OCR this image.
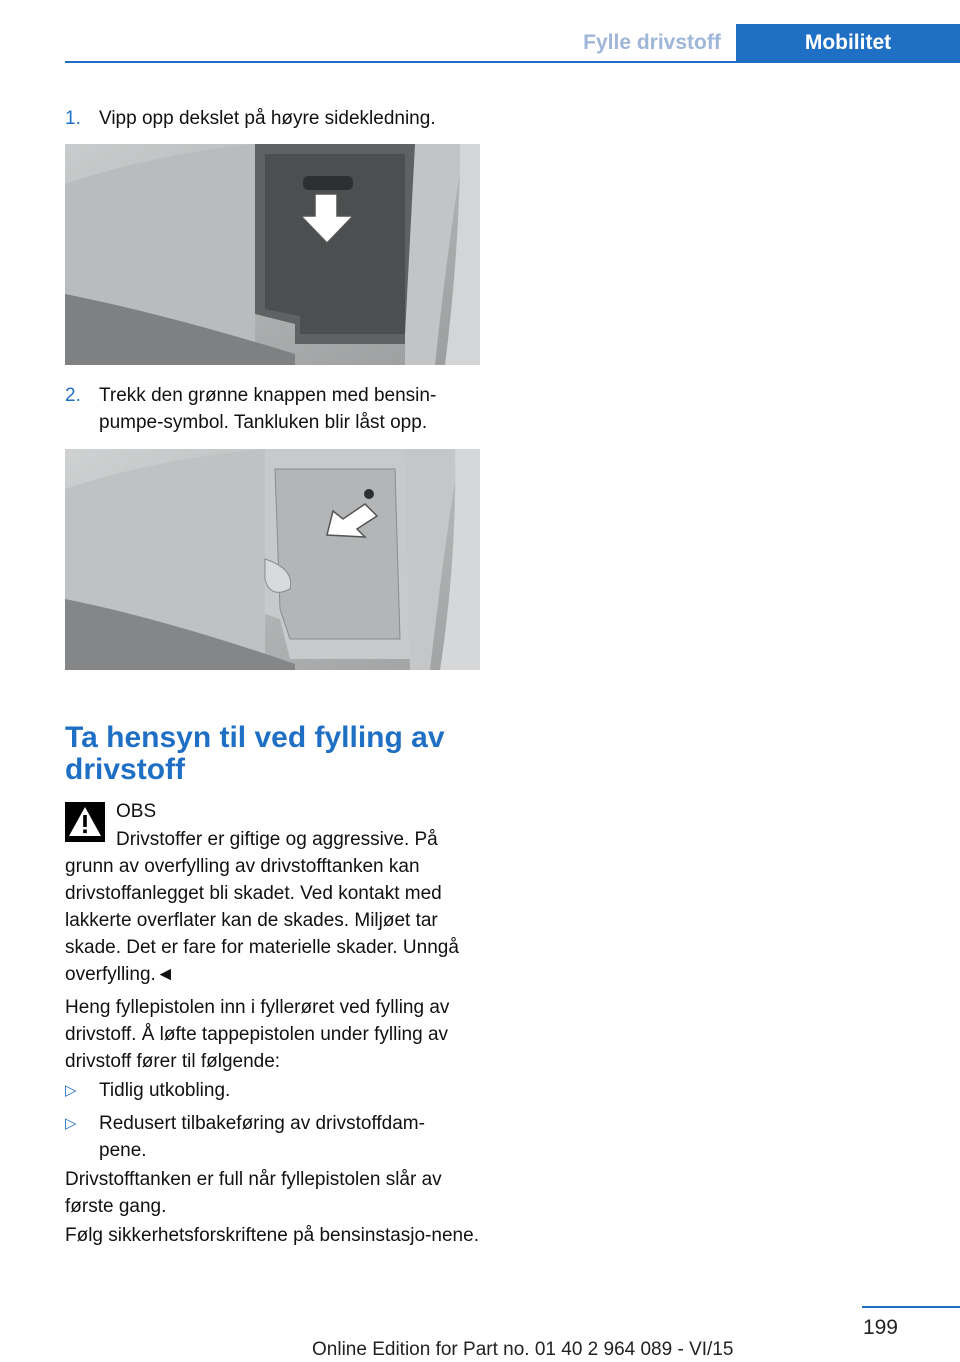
Fylle drivstoff	Mobilitet
1. Vipp opp dekslet på høyre sidekledning.
2. Trekk den grønne knappen med bensin-
pumpe-symbol. Tankluken blir låst opp.
Ta hensyn til ved fylling av drivstoff
OBS
Drivstoffer er giftige og aggressive. På grunn av overfylling av drivstofftanken kan drivstoffanlegget bli skadet. Ved kontakt med lakkerte overflater kan de skades. Miljøet tar skade. Det er fare for materielle skader. Unngå overfylling.◄
Heng fyllepistolen inn i fyllerøret ved fylling av drivstoff. Å løfte tappepistolen under fylling av drivstoff fører til følgende:
▷	Tidlig utkobling.
▷	Redusert tilbakeføring av drivstoffdam-
pene.
Drivstofftanken er full når fyllepistolen slår av første gang.
Følg sikkerhetsforskriftene på bensinstasjo-nene.
199
Online Edition for Part no. 01 40 2 964 089 - VI/15
